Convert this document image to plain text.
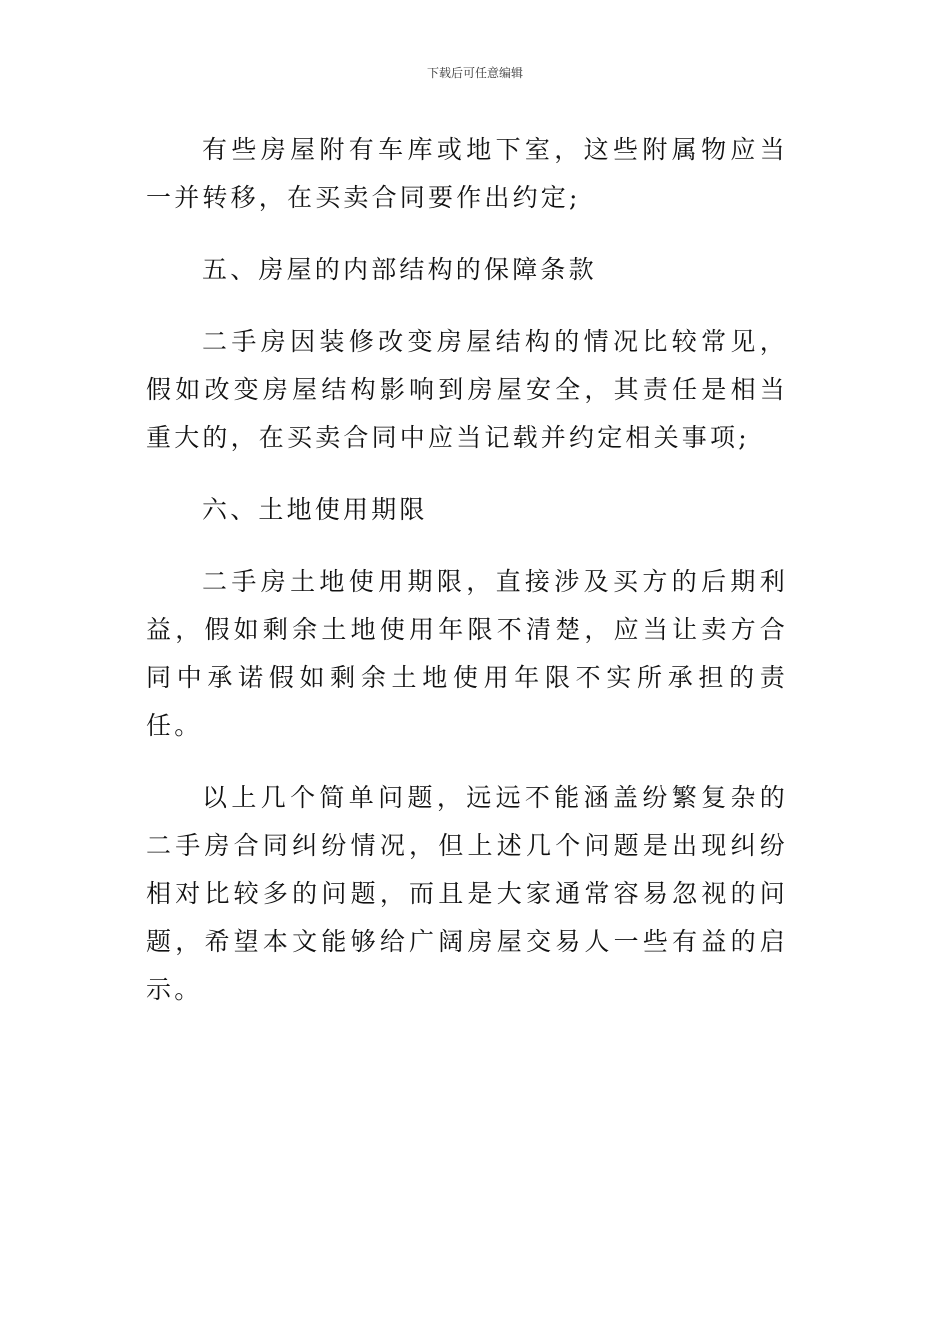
下载后可任意编辑

有些房屋附有车库或地下室，这些附属物应当一并转移，在买卖合同要作出约定;

五、房屋的内部结构的保障条款

二手房因装修改变房屋结构的情况比较常见，假如改变房屋结构影响到房屋安全，其责任是相当重大的，在买卖合同中应当记载并约定相关事项;

六、土地使用期限

二手房土地使用期限，直接涉及买方的后期利益，假如剩余土地使用年限不清楚，应当让卖方合同中承诺假如剩余土地使用年限不实所承担的责任。

以上几个简单问题，远远不能涵盖纷繁复杂的二手房合同纠纷情况，但上述几个问题是出现纠纷相对比较多的问题，而且是大家通常容易忽视的问题，希望本文能够给广阔房屋交易人一些有益的启示。
